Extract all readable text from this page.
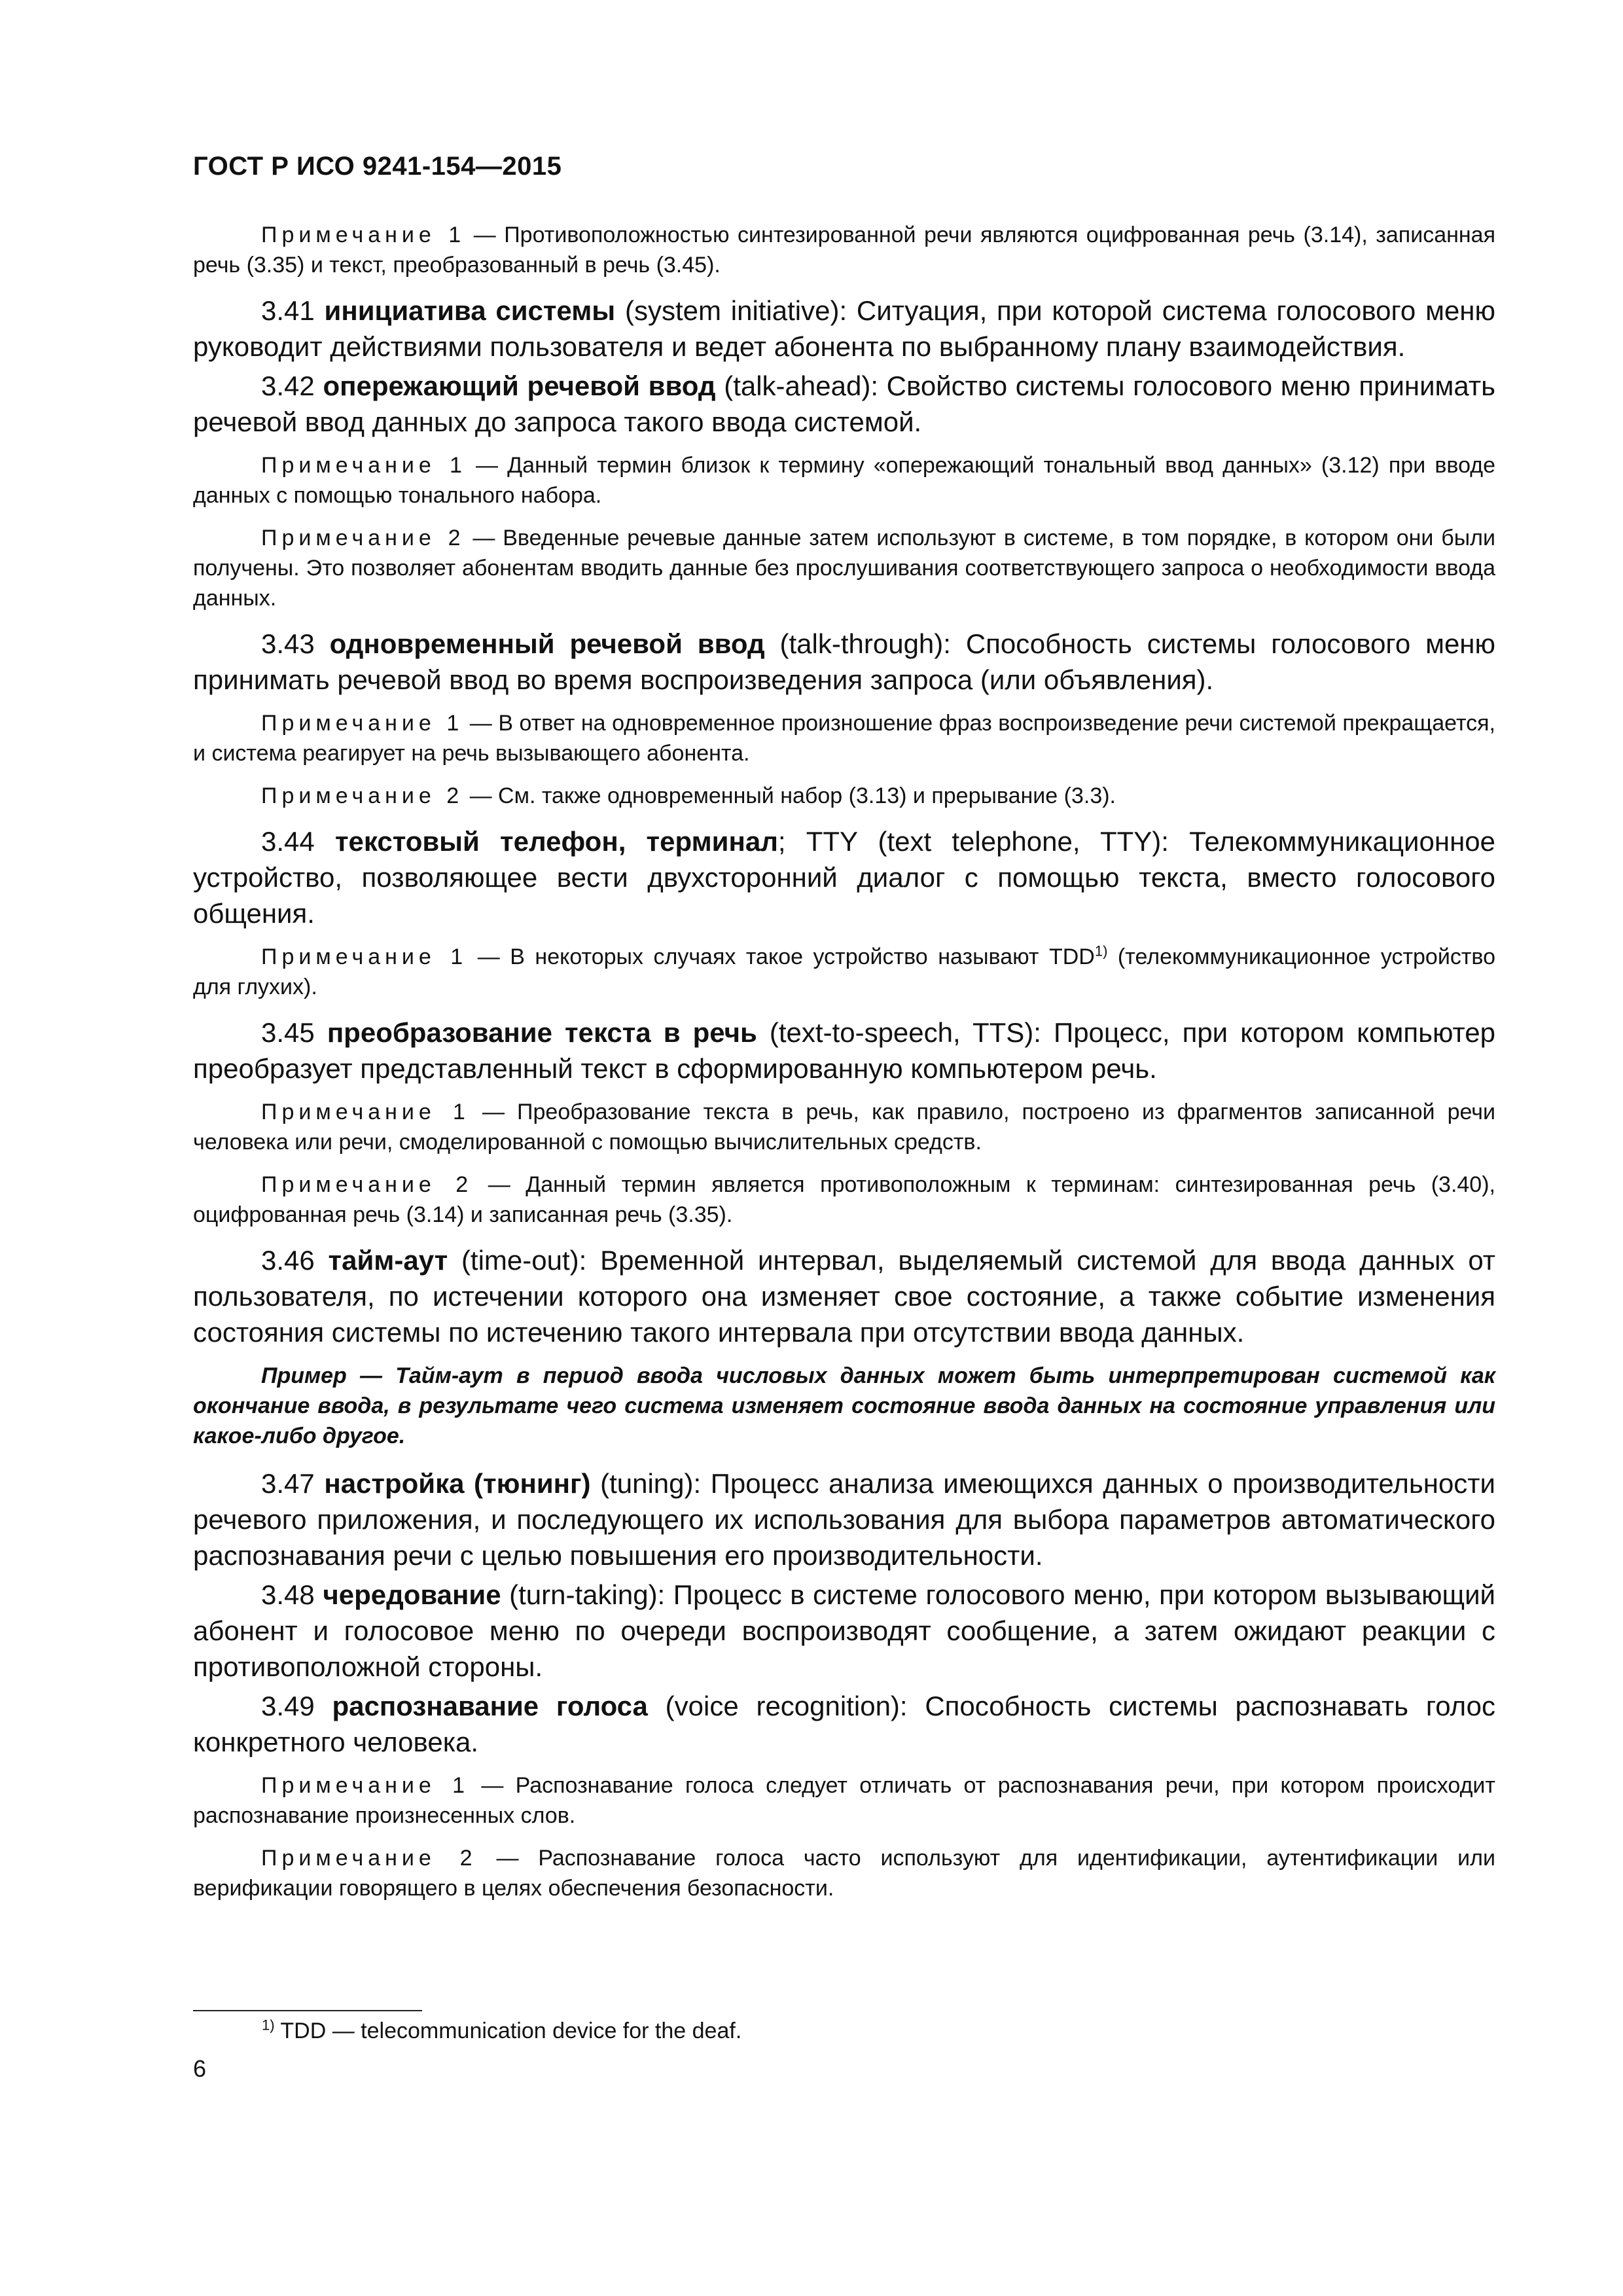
ГОСТ Р ИСО 9241-154—2015

Примечание 1 — Противоположностью синтезированной речи являются оцифрованная речь (3.14), записанная речь (3.35) и текст, преобразованный в речь (3.45).

3.41 инициатива системы (system initiative): Ситуация, при которой система голосового меню руководит действиями пользователя и ведет абонента по выбранному плану взаимодействия.

3.42 опережающий речевой ввод (talk-ahead): Свойство системы голосового меню принимать речевой ввод данных до запроса такого ввода системой.

Примечание 1 — Данный термин близок к термину «опережающий тональный ввод данных» (3.12) при вводе данных с помощью тонального набора.

Примечание 2 — Введенные речевые данные затем используют в системе, в том порядке, в котором они были получены. Это позволяет абонентам вводить данные без прослушивания соответствующего запроса о необходимости ввода данных.

3.43 одновременный речевой ввод (talk-through): Способность системы голосового меню принимать речевой ввод во время воспроизведения запроса (или объявления).

Примечание 1 — В ответ на одновременное произношение фраз воспроизведение речи системой прекращается, и система реагирует на речь вызывающего абонента.

Примечание 2 — См. также одновременный набор (3.13) и прерывание (3.3).

3.44 текстовый телефон, терминал; TTY (text telephone, TTY): Телекоммуникационное устройство, позволяющее вести двухсторонний диалог с помощью текста, вместо голосового общения.

Примечание 1 — В некоторых случаях такое устройство называют TDD$^{1)}$ (телекоммуникационное устройство для глухих).

3.45 преобразование текста в речь (text-to-speech, TTS): Процесс, при котором компьютер преобразует представленный текст в сформированную компьютером речь.

Примечание 1 — Преобразование текста в речь, как правило, построено из фрагментов записанной речи человека или речи, смоделированной с помощью вычислительных средств.

Примечание 2 — Данный термин является противоположным к терминам: синтезированная речь (3.40), оцифрованная речь (3.14) и записанная речь (3.35).

3.46 тайм-аут (time-out): Временной интервал, выделяемый системой для ввода данных от пользователя, по истечении которого она изменяет свое состояние, а также событие изменения состояния системы по истечению такого интервала при отсутствии ввода данных.

Пример — Тайм-аут в период ввода числовых данных может быть интерпретирован системой как окончание ввода, в результате чего система изменяет состояние ввода данных на состояние управления или какое-либо другое.

3.47 настройка (тюнинг) (tuning): Процесс анализа имеющихся данных о производительности речевого приложения, и последующего их использования для выбора параметров автоматического распознавания речи с целью повышения его производительности.

3.48 чередование (turn-taking): Процесс в системе голосового меню, при котором вызывающий абонент и голосовое меню по очереди воспроизводят сообщение, а затем ожидают реакции с противоположной стороны.

3.49 распознавание голоса (voice recognition): Способность системы распознавать голос конкретного человека.

Примечание 1 — Распознавание голоса следует отличать от распознавания речи, при котором происходит распознавание произнесенных слов.

Примечание 2 — Распознавание голоса часто используют для идентификации, аутентификации или верификации говорящего в целях обеспечения безопасности.

$^{1)}$ TDD — telecommunication device for the deaf.
6
